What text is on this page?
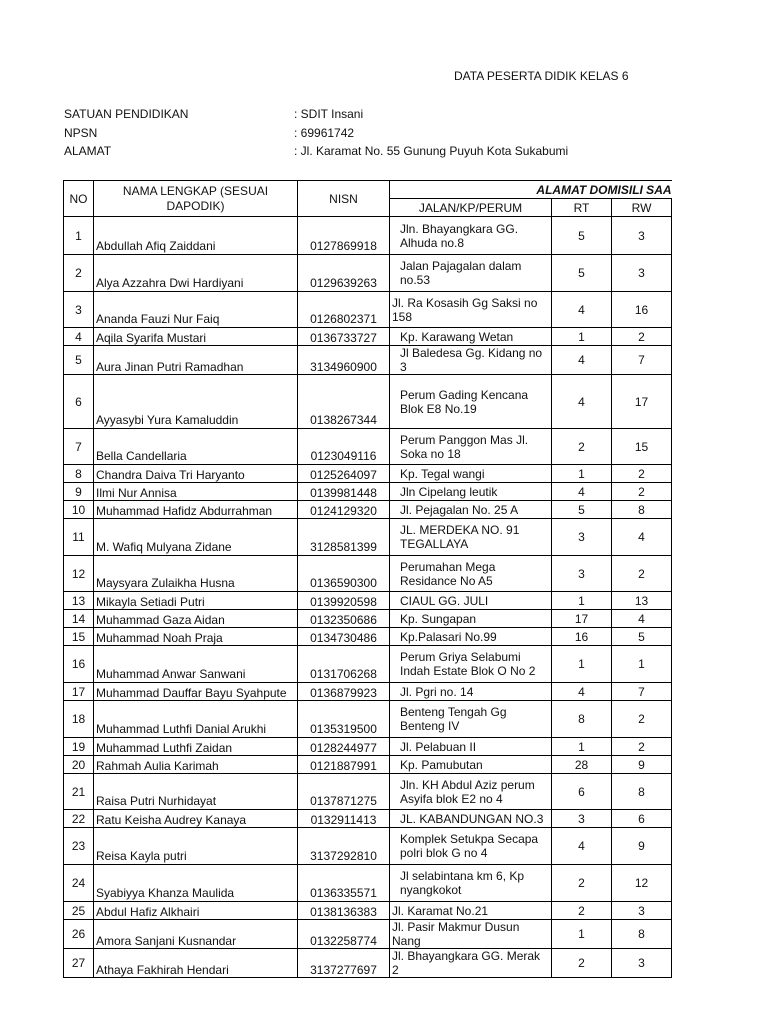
DATA PESERTA DIDIK KELAS 6
SATUAN PENDIDIKAN	: SDIT Insani
NPSN	: 69961742
ALAMAT	: Jl. Karamat No. 55 Gunung Puyuh Kota Sukabumi
NO	NAMA LENGKAP (SESUAI DAPODIK)	NISN	ALAMAT DOMISILI SAA		
			JALAN/KP/PERUM	RT	RW
1	Abdullah Afiq Zaiddani	0127869918	Jln. Bhayangkara GG. Alhuda no.8	5	3
2	Alya Azzahra Dwi Hardiyani	0129639263	Jalan Pajagalan dalam no.53	5	3
3	Ananda Fauzi Nur Faiq	0126802371	Jl. Ra Kosasih Gg Saksi no 158	4	16
4	Aqila Syarifa Mustari	0136733727	Kp. Karawang Wetan	1	2
5	Aura Jinan Putri Ramadhan	3134960900	Jl Baledesa Gg. Kidang no 3	4	7
6	Ayyasybi Yura Kamaluddin	0138267344	Perum Gading Kencana Blok E8 No.19	4	17
7	Bella Candellaria	0123049116	Perum Panggon Mas Jl. Soka no 18	2	15
8	Chandra Daiva Tri Haryanto	0125264097	Kp. Tegal wangi	1	2
9	Ilmi Nur Annisa	0139981448	Jln Cipelang leutik	4	2
10	Muhammad Hafidz Abdurrahman	0124129320	Jl. Pejagalan No. 25 A	5	8
11	M. Wafiq Mulyana Zidane	3128581399	JL. MERDEKA NO. 91 TEGALLAYA	3	4
12	Maysyara Zulaikha Husna	0136590300	Perumahan Mega Residance No A5	3	2
13	Mikayla Setiadi Putri	0139920598	CIAUL GG. JULI	1	13
14	Muhammad Gaza Aidan	0132350686	Kp. Sungapan	17	4
15	Muhammad Noah Praja	0134730486	Kp.Palasari No.99	16	5
16	Muhammad Anwar Sanwani	0131706268	Perum Griya Selabumi Indah Estate Blok O No 2	1	1
17	Muhammad Dauffar Bayu Syahpute	0136879923	Jl. Pgri no. 14	4	7
18	Muhammad Luthfi Danial Arukhi	0135319500	Benteng Tengah Gg Benteng IV	8	2
19	Muhammad Luthfi Zaidan	0128244977	Jl. Pelabuan II	1	2
20	Rahmah Aulia Karimah	0121887991	Kp. Pamubutan	28	9
21	Raisa Putri Nurhidayat	0137871275	Jln. KH Abdul Aziz perum Asyifa blok E2 no 4	6	8
22	Ratu Keisha Audrey Kanaya	0132911413	JL. KABANDUNGAN NO.3	3	6
23	Reisa Kayla putri	3137292810	Komplek Setukpa Secapa polri blok G no 4	4	9
24	Syabiyya Khanza Maulida	0136335571	Jl selabintana km 6, Kp nyangkokot	2	12
25	Abdul Hafiz Alkhairi	0138136383	Jl. Karamat No.21	2	3
26	Amora Sanjani Kusnandar	0132258774	Jl. Pasir Makmur Dusun Nang	1	8
27	Athaya Fakhirah Hendari	3137277697	Jl. Bhayangkara GG. Merak 2	2	3
